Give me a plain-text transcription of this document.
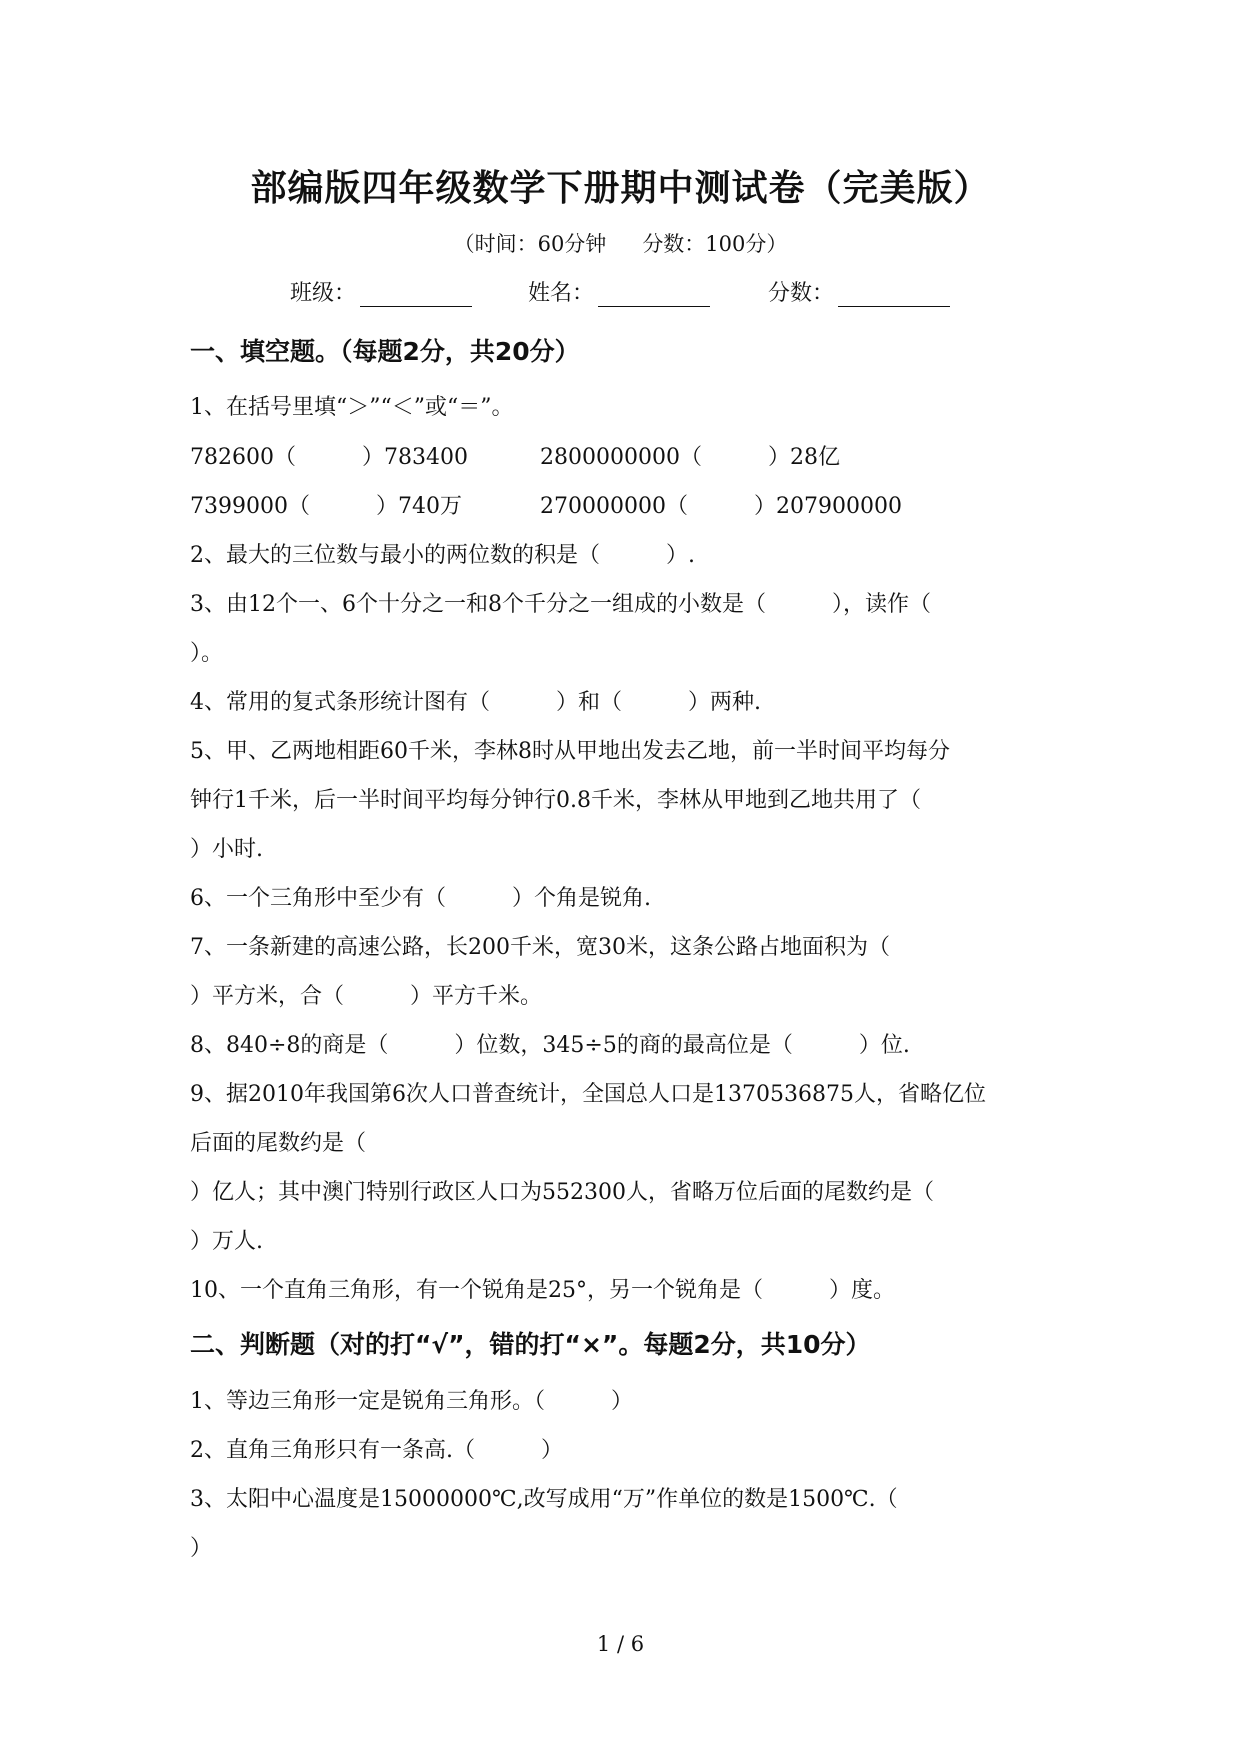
部编版四年级数学下册期中测试卷（完美版）
（时间：60分钟 分数：100分）
班级：	姓名：	分数：
一、填空题。（每题2分，共20分）
1、在括号里填“＞”“＜”或“＝”。
782600（　　　）783400	2800000000（　　　）28亿
7399000（　　　）740万	270000000（　　　）207900000
2、最大的三位数与最小的两位数的积是（　　　）.
3、由12个一、6个十分之一和8个千分之一组成的小数是（　　　），读作（
）。
4、常用的复式条形统计图有（　　　）和（　　　）两种.
5、甲、乙两地相距60千米，李林8时从甲地出发去乙地，前一半时间平均每分
钟行1千米，后一半时间平均每分钟行0.8千米，李林从甲地到乙地共用了（
）小时.
6、一个三角形中至少有（　　　）个角是锐角.
7、一条新建的高速公路，长200千米，宽30米，这条公路占地面积为（
）平方米，合（　　　）平方千米。
8、840÷8的商是（　　　）位数，345÷5的商的最高位是（　　　）位.
9、据2010年我国第6次人口普查统计，全国总人口是1370536875人，省略亿位
后面的尾数约是（
）亿人；其中澳门特别行政区人口为552300人，省略万位后面的尾数约是（
）万人.
10、一个直角三角形，有一个锐角是25°，另一个锐角是（　　　）度。
二、判断题（对的打“√”，错的打“×”。每题2分，共10分）
1、等边三角形一定是锐角三角形。（　　　）
2、直角三角形只有一条高.（　　　）
3、太阳中心温度是15000000℃,改写成用“万”作单位的数是1500℃.（
）
1 / 6
